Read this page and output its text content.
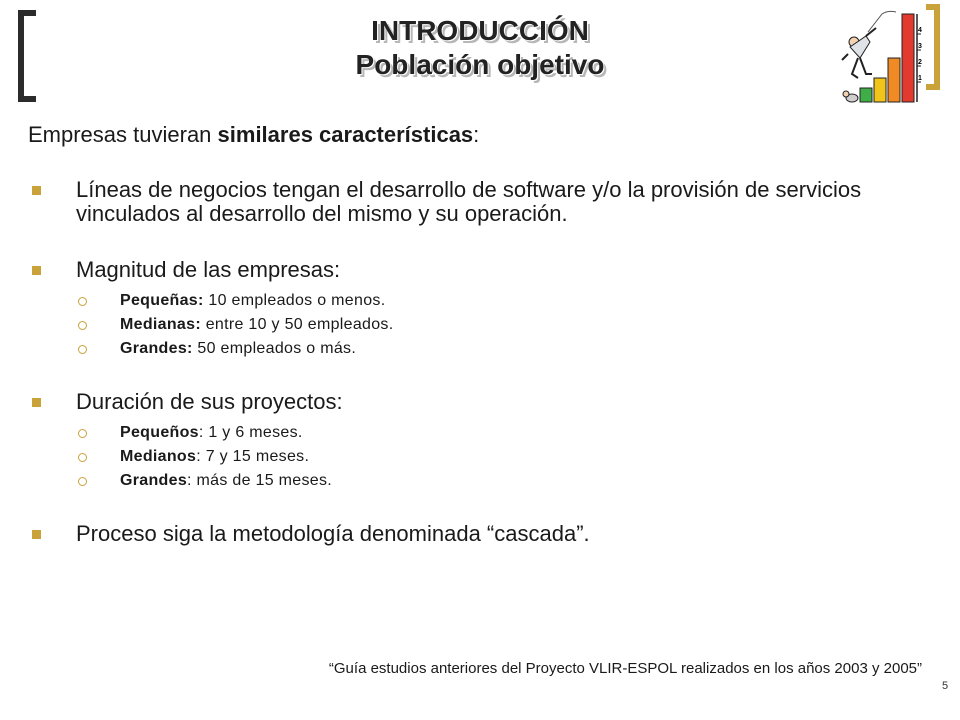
INTRODUCCIÓN
Población objetivo
4
3
2
1
Empresas tuvieran similares características:
Líneas de negocios tengan el desarrollo de software y/o la provisión de servicios vinculados al desarrollo del mismo y su operación.
Magnitud de las empresas:
Pequeñas: 10 empleados o menos.
Medianas: entre 10 y 50 empleados.
Grandes: 50 empleados o más.
Duración de sus proyectos:
Pequeños: 1 y 6 meses.
Medianos: 7 y 15 meses.
Grandes: más de 15 meses.
Proceso siga la metodología denominada “cascada”.
“Guía estudios anteriores del Proyecto VLIR-ESPOL realizados en los años 2003 y 2005”
5
